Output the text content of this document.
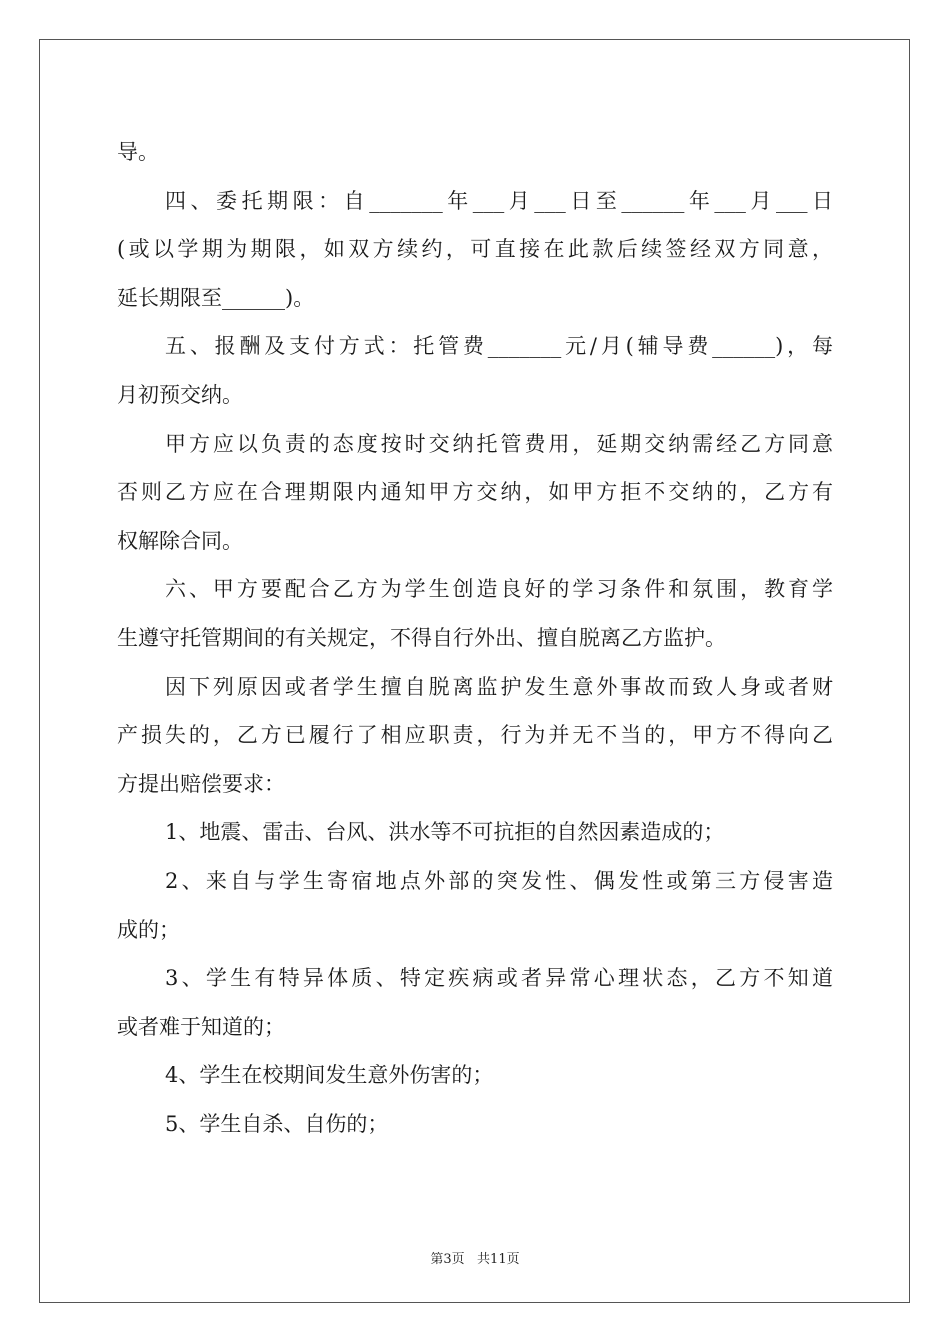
导。
四、委托期限：自_______年___月___日至______年___月___日
(或以学期为期限，如双方续约，可直接在此款后续签经双方同意，
延长期限至______)。
五、报酬及支付方式：托管费_______元/月(辅导费______)，每
月初预交纳。
甲方应以负责的态度按时交纳托管费用，延期交纳需经乙方同意
否则乙方应在合理期限内通知甲方交纳，如甲方拒不交纳的，乙方有
权解除合同。
六、甲方要配合乙方为学生创造良好的学习条件和氛围，教育学
生遵守托管期间的有关规定，不得自行外出、擅自脱离乙方监护。
因下列原因或者学生擅自脱离监护发生意外事故而致人身或者财
产损失的，乙方已履行了相应职责，行为并无不当的，甲方不得向乙
方提出赔偿要求：
1、地震、雷击、台风、洪水等不可抗拒的自然因素造成的；
2、来自与学生寄宿地点外部的突发性、偶发性或第三方侵害造
成的；
3、学生有特异体质、特定疾病或者异常心理状态，乙方不知道
或者难于知道的；
4、学生在校期间发生意外伤害的；
5、学生自杀、自伤的；
第3页   共11页
